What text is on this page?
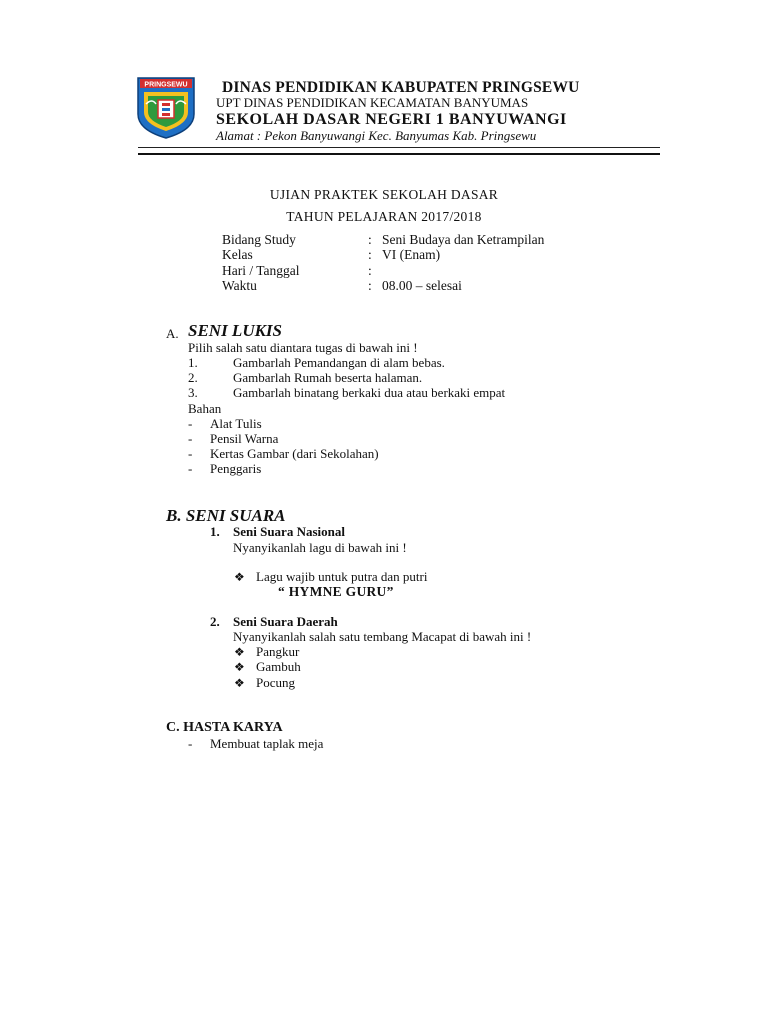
PRINGSEWU DINAS PENDIDIKAN KABUPATEN PRINGSEWU
UPT DINAS PENDIDIKAN KECAMATAN BANYUMAS
SEKOLAH DASAR NEGERI 1 BANYUWANGI
Alamat : Pekon Banyuwangi Kec. Banyumas Kab. Pringsewu
UJIAN PRAKTEK SEKOLAH DASAR
TAHUN PELAJARAN 2017/2018
Bidang Study	: Seni Budaya dan Ketrampilan
Kelas	: VI (Enam)
Hari / Tanggal	:
Waktu	: 08.00 – selesai
A. SENI LUKIS
Pilih salah satu diantara tugas di bawah ini !
1.	Gambarlah Pemandangan di alam bebas.
2.	Gambarlah Rumah beserta halaman.
3.	Gambarlah binatang berkaki dua atau berkaki empat
Bahan
- Alat Tulis
- Pensil Warna
- Kertas Gambar (dari Sekolahan)
- Penggaris
B. SENI SUARA
1. Seni Suara Nasional
Nyanyikanlah lagu di bawah ini !
❖ Lagu wajib untuk putra dan putri
“ HYMNE GURU”
2. Seni Suara Daerah
Nyanyikanlah salah satu tembang Macapat di bawah ini !
❖ Pangkur
❖ Gambuh
❖ Pocung
C. HASTA KARYA
- Membuat taplak meja
